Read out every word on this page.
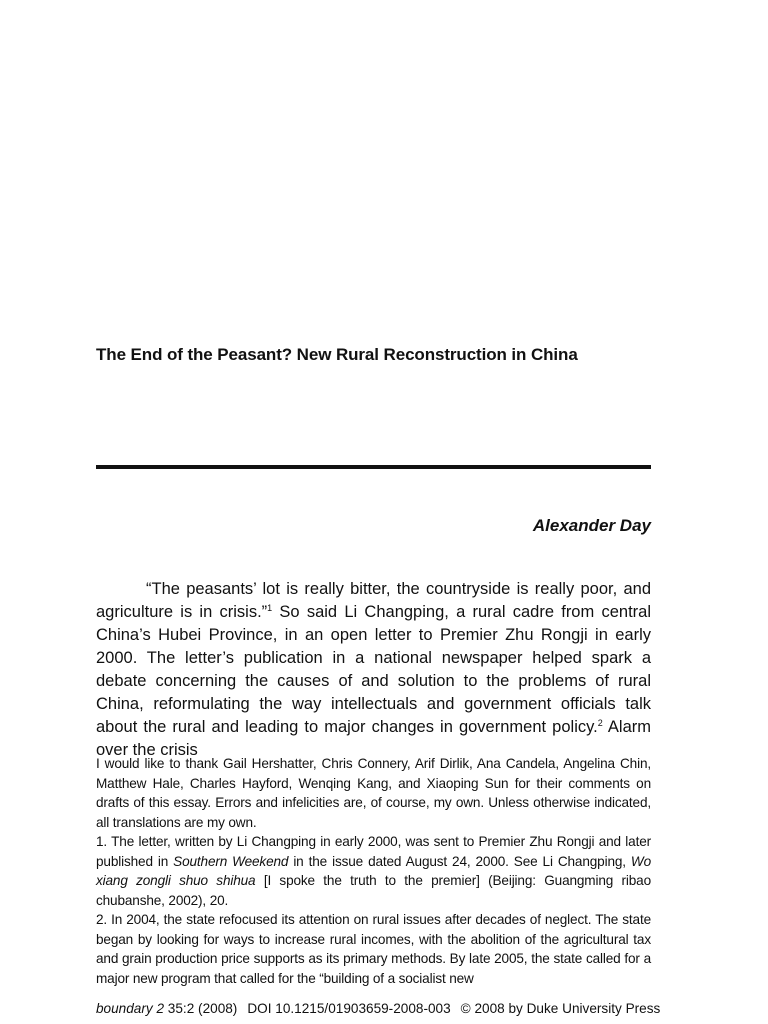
The End of the Peasant? New Rural Reconstruction in China
Alexander Day

“The peasants’ lot is really bitter, the countryside is really poor, and agriculture is in crisis.”$^1$ So said Li Changping, a rural cadre from central China’s Hubei Province, in an open letter to Premier Zhu Rongji in early 2000. The letter’s publication in a national newspaper helped spark a debate concerning the causes of and solution to the problems of rural China, reformulating the way intellectuals and government officials talk about the rural and leading to major changes in government policy.$^2$ Alarm over the crisis

I would like to thank Gail Hershatter, Chris Connery, Arif Dirlik, Ana Candela, Angelina Chin, Matthew Hale, Charles Hayford, Wenqing Kang, and Xiaoping Sun for their comments on drafts of this essay. Errors and infelicities are, of course, my own. Unless otherwise indicated, all translations are my own.

1. The letter, written by Li Changping in early 2000, was sent to Premier Zhu Rongji and later published in Southern Weekend in the issue dated August 24, 2000. See Li Changping, Wo xiang zongli shuo shihua [I spoke the truth to the premier] (Beijing: Guangming ribao chubanshe, 2002), 20.

2. In 2004, the state refocused its attention on rural issues after decades of neglect. The state began by looking for ways to increase rural incomes, with the abolition of the agricultural tax and grain production price supports as its primary methods. By late 2005, the state called for a major new program that called for the “building of a socialist new

boundary 2 35:2 (2008) DOI 10.1215/01903659-2008-003 © 2008 by Duke University Press
